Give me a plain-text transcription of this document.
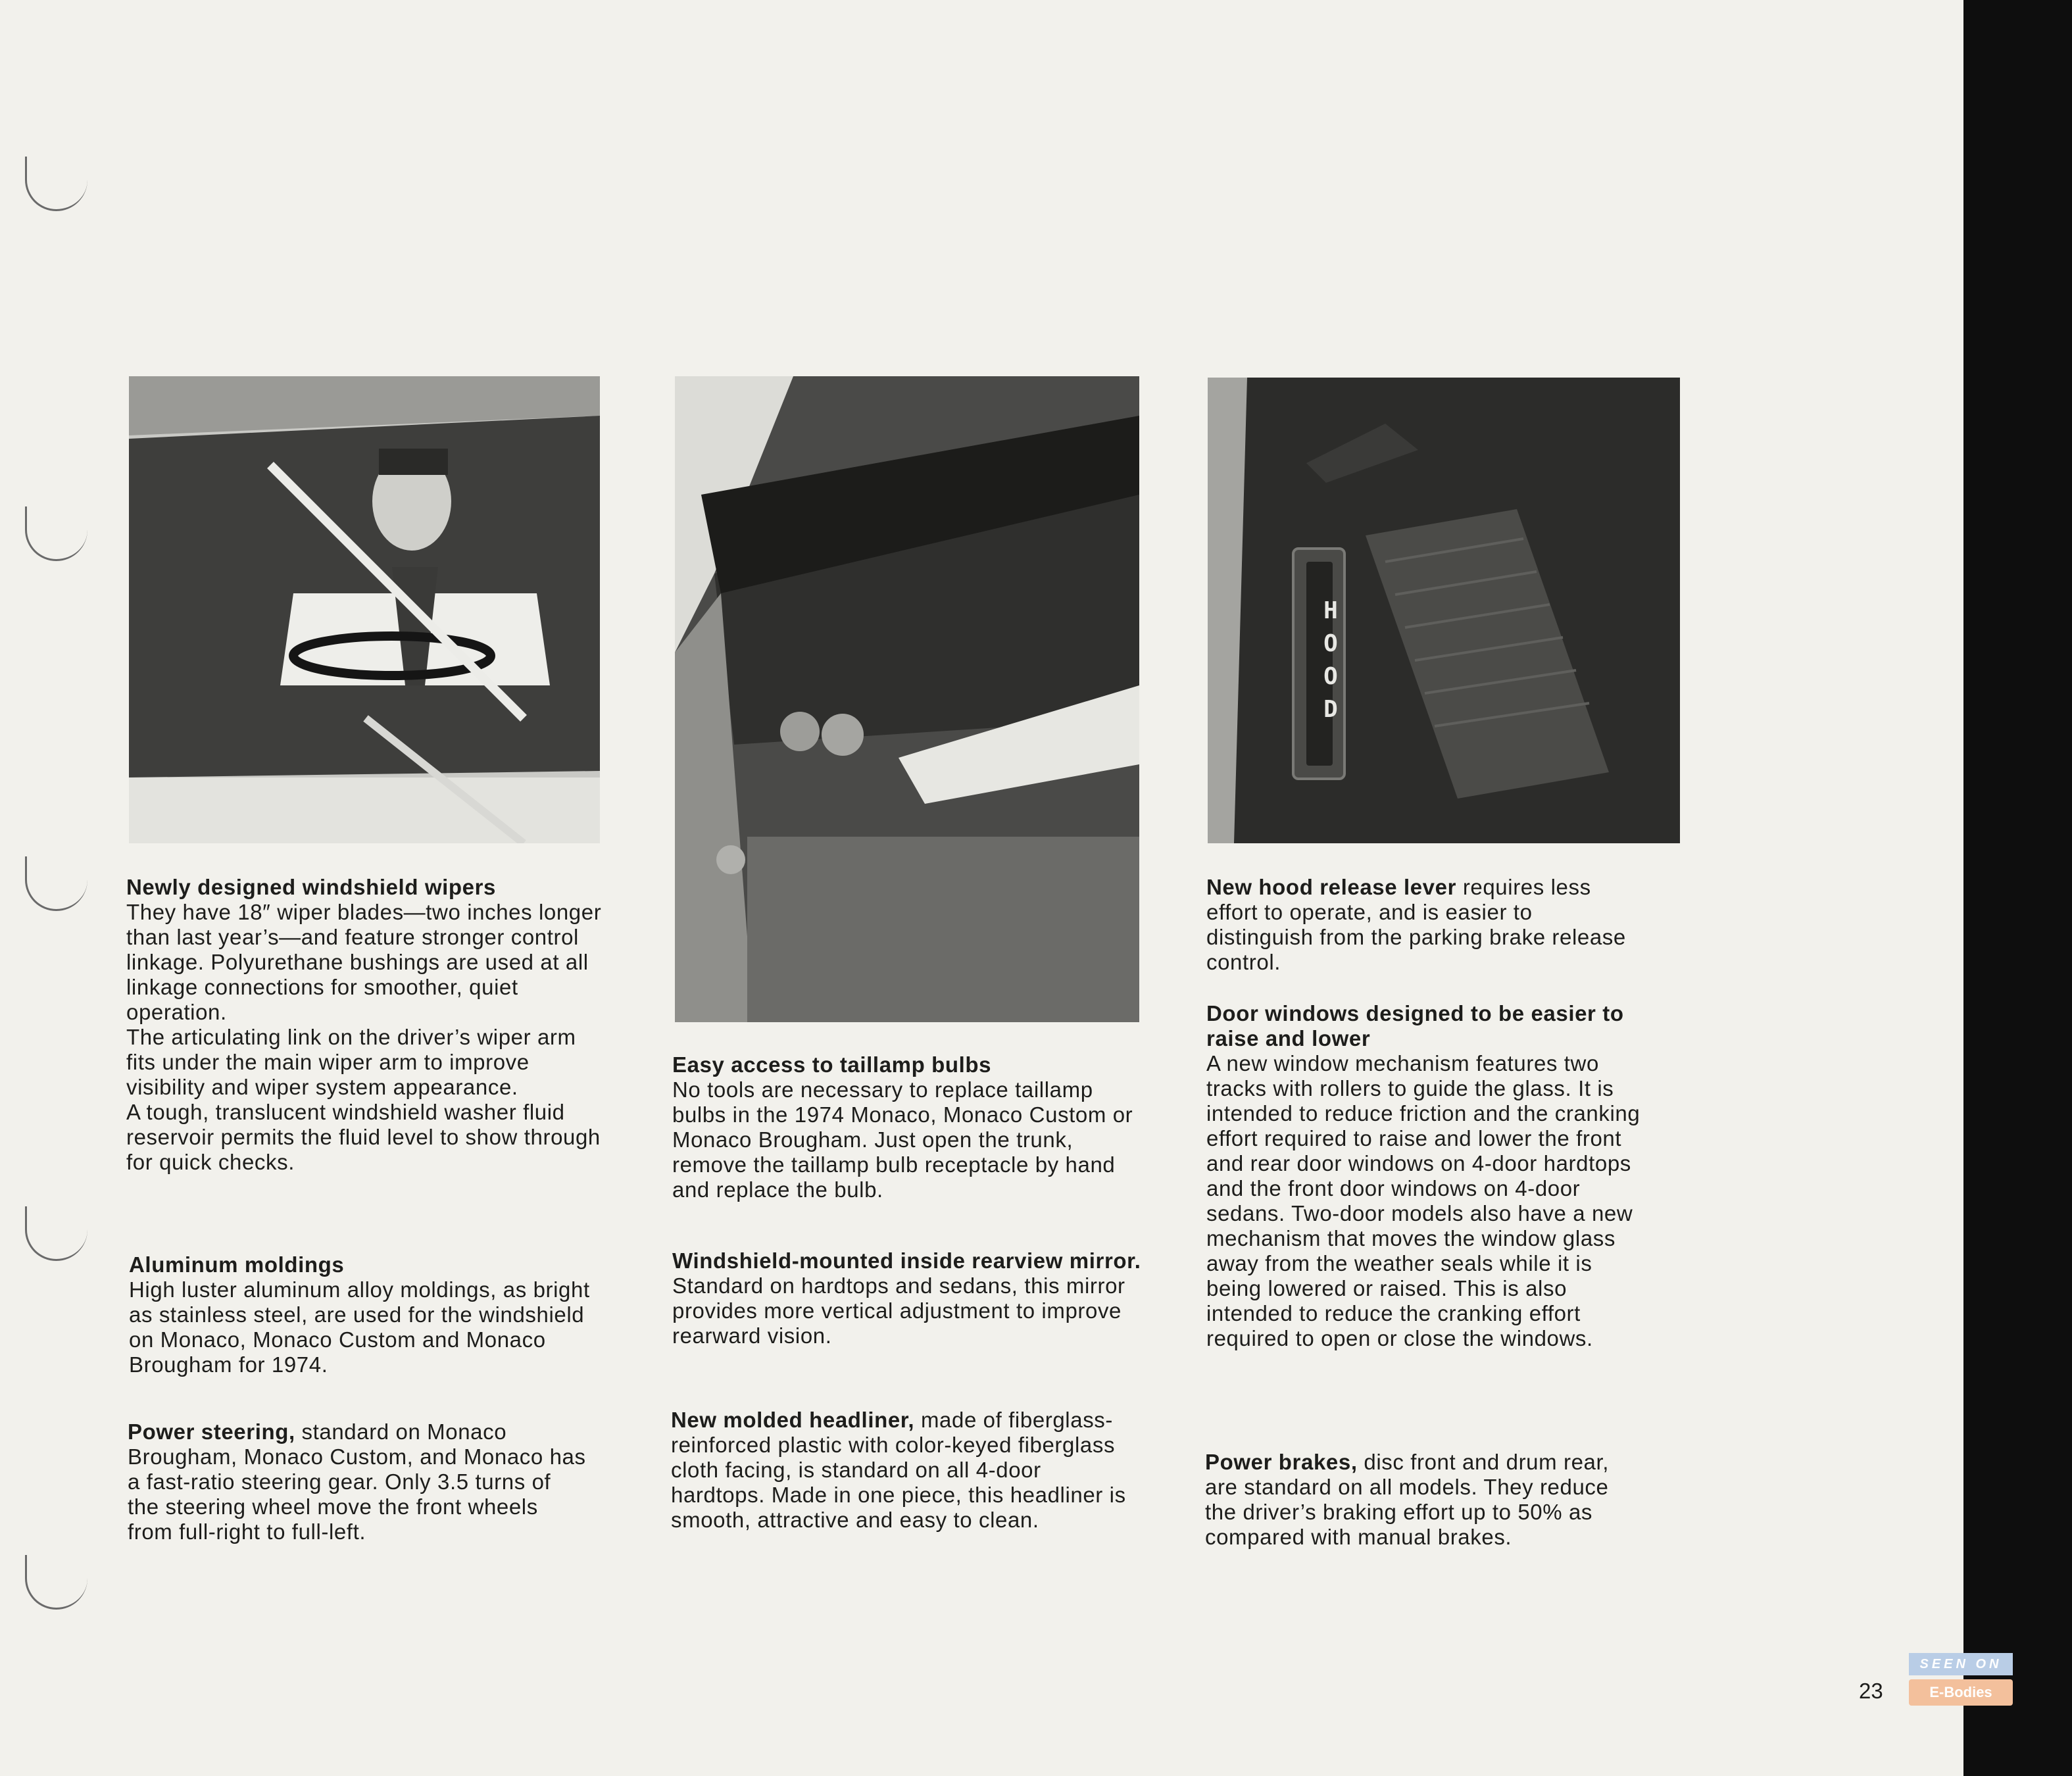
HOOD
Newly designed windshield wipers

They have 18″ wiper blades—two inches longer than last year’s—and feature stronger control linkage. Polyurethane bushings are used at all linkage connections for smoother, quiet operation.

The articulating link on the driver’s wiper arm fits under the main wiper arm to improve visibility and wiper system appearance.

A tough, translucent windshield washer fluid reservoir permits the fluid level to show through for quick checks.

Aluminum moldings

High luster aluminum alloy moldings, as bright as stainless steel, are used for the windshield on Monaco, Monaco Custom and Monaco Brougham for 1974.

Power steering, standard on Monaco Brougham, Monaco Custom, and Monaco has a fast-ratio steering gear. Only 3.5 turns of the steering wheel move the front wheels from full-right to full-left.

Easy access to taillamp bulbs

No tools are necessary to replace taillamp bulbs in the 1974 Monaco, Monaco Custom or Monaco Brougham. Just open the trunk, remove the taillamp bulb receptacle by hand and replace the bulb.

Windshield-mounted inside rearview mirror. Standard on hardtops and sedans, this mirror provides more vertical adjustment to improve rearward vision.

New molded headliner, made of fiberglass-reinforced plastic with color-keyed fiberglass cloth facing, is standard on all 4-door hardtops. Made in one piece, this headliner is smooth, attractive and easy to clean.

New hood release lever requires less effort to operate, and is easier to distinguish from the parking brake release control.

Door windows designed to be easier to raise and lower

A new window mechanism features two tracks with rollers to guide the glass. It is intended to reduce friction and the cranking effort required to raise and lower the front and rear door windows on 4-door hardtops and the front door windows on 4-door sedans. Two-door models also have a new mechanism that moves the window glass away from the weather seals while it is being lowered or raised. This is also intended to reduce the cranking effort required to open or close the windows.

Power brakes, disc front and drum rear, are standard on all models. They reduce the driver’s braking effort up to 50% as compared with manual brakes.

23
SEEN ON
E-Bodies
